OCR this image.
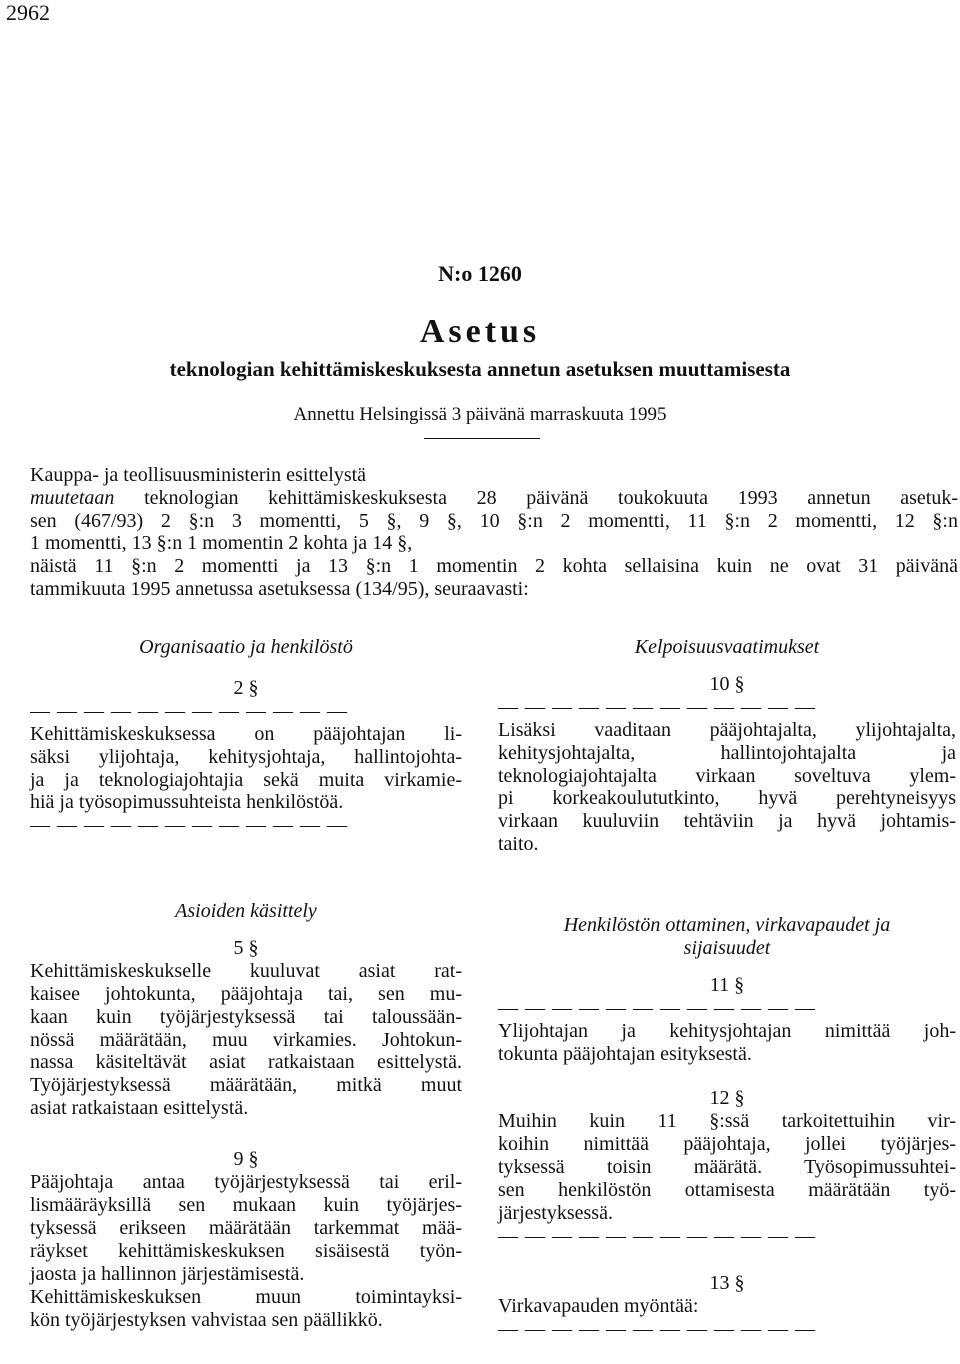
2962
N:o 1260
Asetus
teknologian kehittämiskeskuksesta annetun asetuksen muuttamisesta
Annettu Helsingissä 3 päivänä marraskuuta 1995
Kauppa- ja teollisuusministerin esittelystä
muutetaan teknologian kehittämiskeskuksesta 28 päivänä toukokuuta 1993 annetun asetuk-
sen (467/93) 2 §:n 3 momentti, 5 §, 9 §, 10 §:n 2 momentti, 11 §:n 2 momentti, 12 §:n
1 momentti, 13 §:n 1 momentin 2 kohta ja 14 §,
näistä 11 §:n 2 momentti ja 13 §:n 1 momentin 2 kohta sellaisina kuin ne ovat 31 päivänä
tammikuuta 1995 annetussa asetuksessa (134/95), seuraavasti:
Organisaatio ja henkilöstö
2 §
— — — — — — — — — — — —
Kehittämiskeskuksessa on pääjohtajan li-
säksi ylijohtaja, kehitysjohtaja, hallintojohta-
ja ja teknologiajohtajia sekä muita virkamie-
hiä ja työsopimussuhteista henkilöstöä.
— — — — — — — — — — — —
Asioiden käsittely
5 §
Kehittämiskeskukselle kuuluvat asiat rat-
kaisee johtokunta, pääjohtaja tai, sen mu-
kaan kuin työjärjestyksessä tai taloussään-
nössä määrätään, muu virkamies. Johtokun-
nassa käsiteltävät asiat ratkaistaan esittelystä.
Työjärjestyksessä määrätään, mitkä muut
asiat ratkaistaan esittelystä.
9 §
Pääjohtaja antaa työjärjestyksessä tai eril-
lismääräyksillä sen mukaan kuin työjärjes-
tyksessä erikseen määrätään tarkemmat mää-
räykset kehittämiskeskuksen sisäisestä työn-
jaosta ja hallinnon järjestämisestä.
Kehittämiskeskuksen muun toimintayksi-
kön työjärjestyksen vahvistaa sen päällikkö.
Kelpoisuusvaatimukset
10 §
— — — — — — — — — — — —
Lisäksi vaaditaan pääjohtajalta, ylijohtajalta,
kehitysjohtajalta, hallintojohtajalta ja
teknologiajohtajalta virkaan soveltuva ylem-
pi korkeakoulututkinto, hyvä perehtyneisyys
virkaan kuuluviin tehtäviin ja hyvä johtamis-
taito.
Henkilöstön ottaminen, virkavapaudet ja
sijaisuudet
11 §
— — — — — — — — — — — —
Ylijohtajan ja kehitysjohtajan nimittää joh-
tokunta pääjohtajan esityksestä.
12 §
Muihin kuin 11 §:ssä tarkoitettuihin vir-
koihin nimittää pääjohtaja, jollei työjärjes-
tyksessä toisin määrätä. Työsopimussuhtei-
sen henkilöstön ottamisesta määrätään työ-
järjestyksessä.
— — — — — — — — — — — —
13 §
Virkavapauden myöntää:
— — — — — — — — — — — —
